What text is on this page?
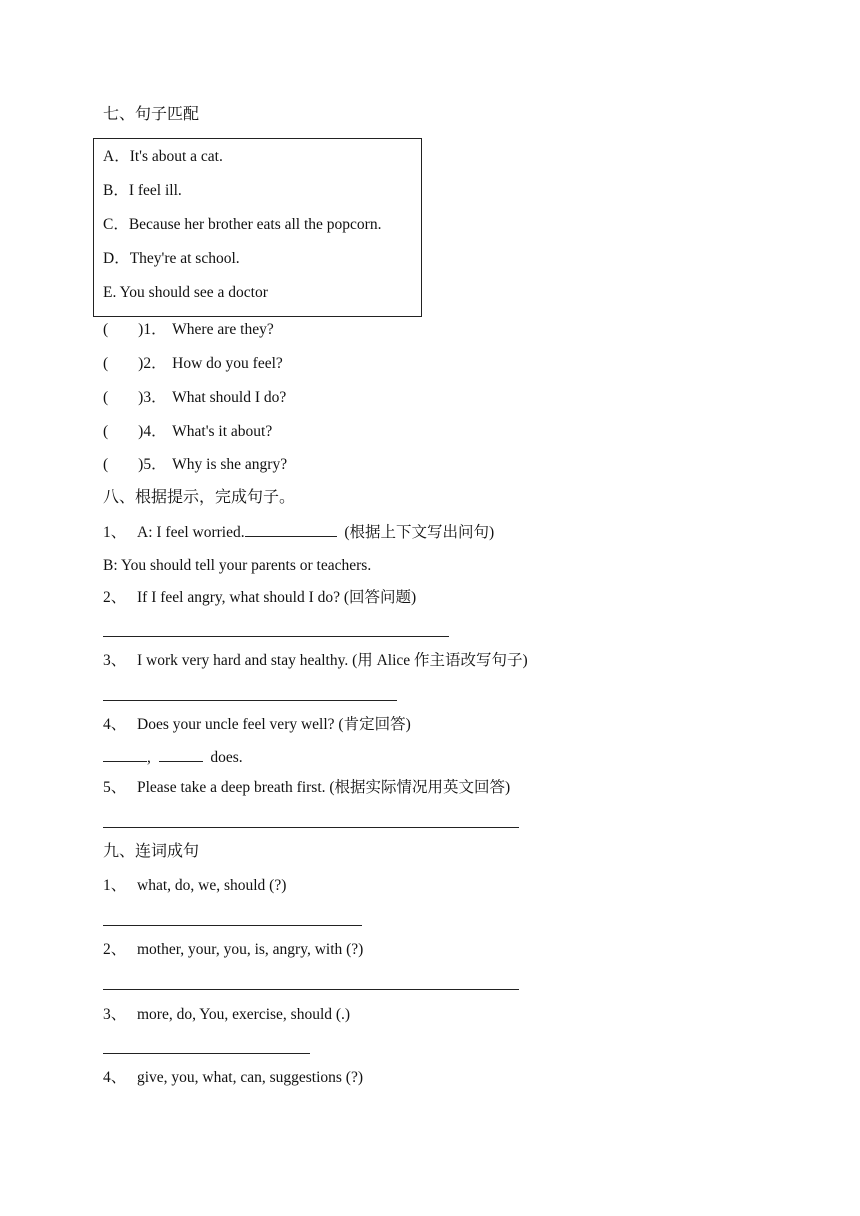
七、句子匹配
A．It's about a cat.
B．I feel ill.
C．Because her brother eats all the popcorn.
D．They're at school.
E. You should see a doctor
( )1． Where are they?
( )2． How do you feel?
( )3． What should I do?
( )4． What's it about?
( )5． Why is she angry?
八、根据提示，完成句子。
1、 A: I feel worried.	(根据上下文写出问句)
B: You should tell your parents or teachers.
2、 If I feel angry, what should I do? (回答问题)
3、 I work very hard and stay healthy. (用 Alice 作主语改写句子)
4、 Does your uncle feel very well? (肯定回答)
,	does.
5、 Please take a deep breath first. (根据实际情况用英文回答)
九、连词成句
1、 what, do, we, should (?)
2、 mother, your, you, is, angry, with (?)
3、 more, do, You, exercise, should (.)
4、 give, you, what, can, suggestions (?)
